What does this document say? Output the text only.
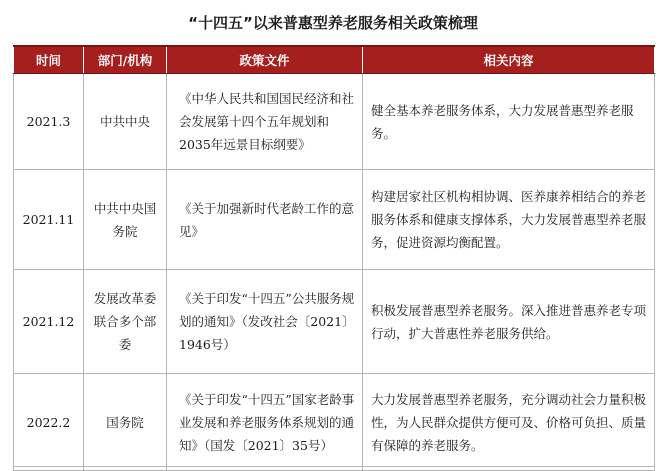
“十四五”以来普惠型养老服务相关政策梳理
时间	部门/机构	政策文件	相关内容
2021.3	中共中央	《中华人民共和国国民经济和社会发展第十四个五年规划和2035年远景目标纲要》	健全基本养老服务体系，大力发展普惠型养老服务。
2021.11	中共中央国务院	《关于加强新时代老龄工作的意见》	构建居家社区机构相协调、医养康养相结合的养老服务体系和健康支撑体系，大力发展普惠型养老服务，促进资源均衡配置。
2021.12	发展改革委联合多个部委	《关于印发“十四五”公共服务规划的通知》（发改社会〔2021〕1946号）	积极发展普惠型养老服务。深入推进普惠养老专项行动，扩大普惠性养老服务供给。
2022.2	国务院	《关于印发“十四五”国家老龄事业发展和养老服务体系规划的通知》（国发〔2021〕35号）	大力发展普惠型养老服务，充分调动社会力量积极性，为人民群众提供方便可及、价格可负担、质量有保障的养老服务。
